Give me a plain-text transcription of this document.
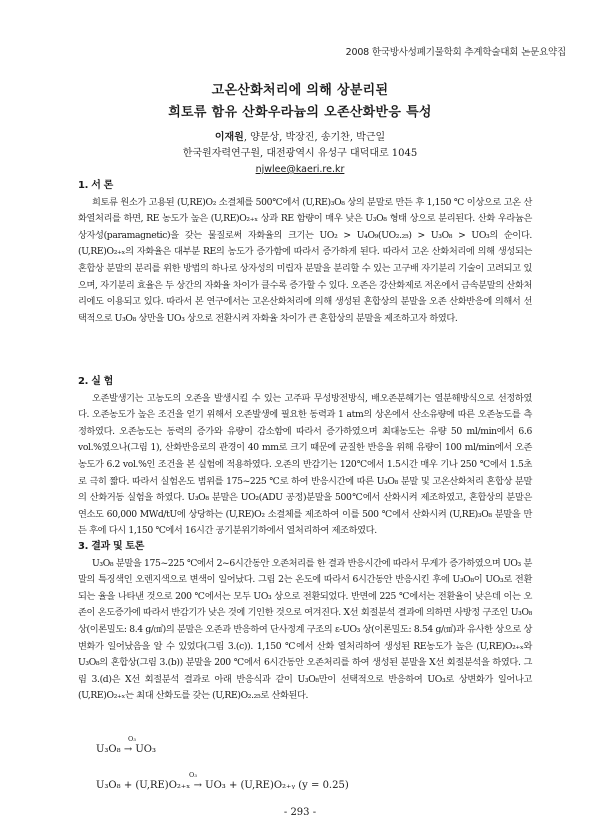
2008 한국방사성폐기물학회 추계학술대회 논문요약집
고온산화처리에 의해 상분리된
희토류 함유 산화우라늄의 오존산화반응 특성
이재원, 양문상, 박장진, 송기찬, 박근일
한국원자력연구원, 대전광역시 유성구 대덕대로 1045
njwlee@kaeri.re.kr

1. 서 론

희토류 원소가 고용된 (U,RE)O₂ 소결체를 500℃에서 (U,RE)₃O₈ 상의 분말로 만든 후 1,150 ℃ 이상으로 고온 산화열처리를 하면, RE 농도가 높은 (U,RE)O₂₊ₓ 상과 RE 함량이 매우 낮은 U₃O₈ 형태 상으로 분리된다. 산화 우라늄은 상자성(paramagnetic)을 갖는 물질로써 자화율의 크기는 UO₂ > U₄O₉(UO₂.₂₅) > U₃O₈ > UO₃의 순이다. (U,RE)O₂₊ₓ의 자화율은 대부분 RE의 농도가 증가함에 따라서 증가하게 된다. 따라서 고온 산화처리에 의해 생성되는 혼합상 분말의 분리를 위한 방법의 하나로 상자성의 미립자 분말을 분리할 수 있는 고구배 자기분리 기술이 고려되고 있으며, 자기분리 효율은 두 상간의 자화율 차이가 클수록 증가할 수 있다. 오존은 강산화제로 저온에서 금속분말의 산화처리에도 이용되고 있다. 따라서 본 연구에서는 고온산화처리에 의해 생성된 혼합상의 분말을 오존 산화반응에 의해서 선택적으로 U₃O₈ 상만을 UO₃ 상으로 전환시켜 자화율 차이가 큰 혼합상의 분말을 제조하고자 하였다.

2. 실 험

오존발생기는 고농도의 오존을 발생시킬 수 있는 고주파 무성방전방식, 배오존분해기는 열분해방식으로 선정하였다. 오존농도가 높은 조건을 얻기 위해서 오존발생에 필요한 동력과 1 atm의 상온에서 산소유량에 따른 오존농도를 측정하였다. 오존농도는 동력의 증가와 유량이 감소함에 따라서 증가하였으며 최대농도는 유량 50 ml/min에서 6.6 vol.%였으나(그림 1), 산화반응로의 관경이 40 mm로 크기 때문에 균질한 반응을 위해 유량이 100 ml/min에서 오존농도가 6.2 vol.%인 조건을 본 실험에 적용하였다. 오존의 반감기는 120℃에서 1.5시간 매우 기나 250 ℃에서 1.5초로 극히 짧다. 따라서 실험온도 범위를 175~225 ℃로 하여 반응시간에 따른 U₃O₈ 분말 및 고온산화처리 혼합상 분말의 산화거동 실험을 하였다. U₃O₈ 분말은 UO₂(ADU 공정)분말을 500℃에서 산화시켜 제조하였고, 혼합상의 분말은 연소도 60,000 MWd/tU에 상당하는 (U,RE)O₂ 소결체를 제조하여 이를 500 ℃에서 산화시켜 (U,RE)₃O₈ 분말을 만든 후에 다시 1,150 ℃에서 16시간 공기분위기하에서 열처리하여 제조하였다.

3. 결과 및 토론

U₃O₈ 분말을 175~225 ℃에서 2~6시간동안 오존처리를 한 결과 반응시간에 따라서 무게가 증가하였으며 UO₃ 분말의 특징색인 오렌지색으로 변색이 일어났다. 그림 2는 온도에 따라서 6시간동안 반응시킨 후에 U₃O₈이 UO₃로 전환되는 율을 나타낸 것으로 200 ℃에서는 모두 UO₃ 상으로 전환되었다. 반면에 225 ℃에서는 전환율이 낮은데 이는 오존이 온도증가에 따라서 반감기가 낮은 것에 기인한 것으로 여겨진다. X선 회절분석 결과에 의하면 사방정 구조인 U₃O₈ 상(이론밀도: 8.4 g/㎤)의 분말은 오존과 반응하여 단사정계 구조의 ε-UO₃ 상(이론밀도: 8.54 g/㎤)과 유사한 상으로 상변화가 일어났음을 알 수 있었다(그림 3.(c)). 1,150 ℃에서 산화 열처리하여 생성된 RE농도가 높은 (U,RE)O₂₊ₓ와 U₃O₈의 혼합상(그림 3.(b)) 분말을 200 ℃에서 6시간동안 오존처리를 하여 생성된 분말을 X선 회절분석을 하였다. 그림 3.(d)은 X선 회절분석 결과로 아래 반응식과 같이 U₃O₈만이 선택적으로 반응하여 UO₃로 상변화가 일어나고 (U,RE)O₂₊ₓ는 최대 산화도를 갖는 (U,RE)O₂.₂₅로 산화된다.

O₃
U₃O₈ → UO₃
O₃
U₃O₈ + (U,RE)O₂₊ₓ → UO₃ + (U,RE)O₂₊ᵧ (y = 0.25)
- 293 -
